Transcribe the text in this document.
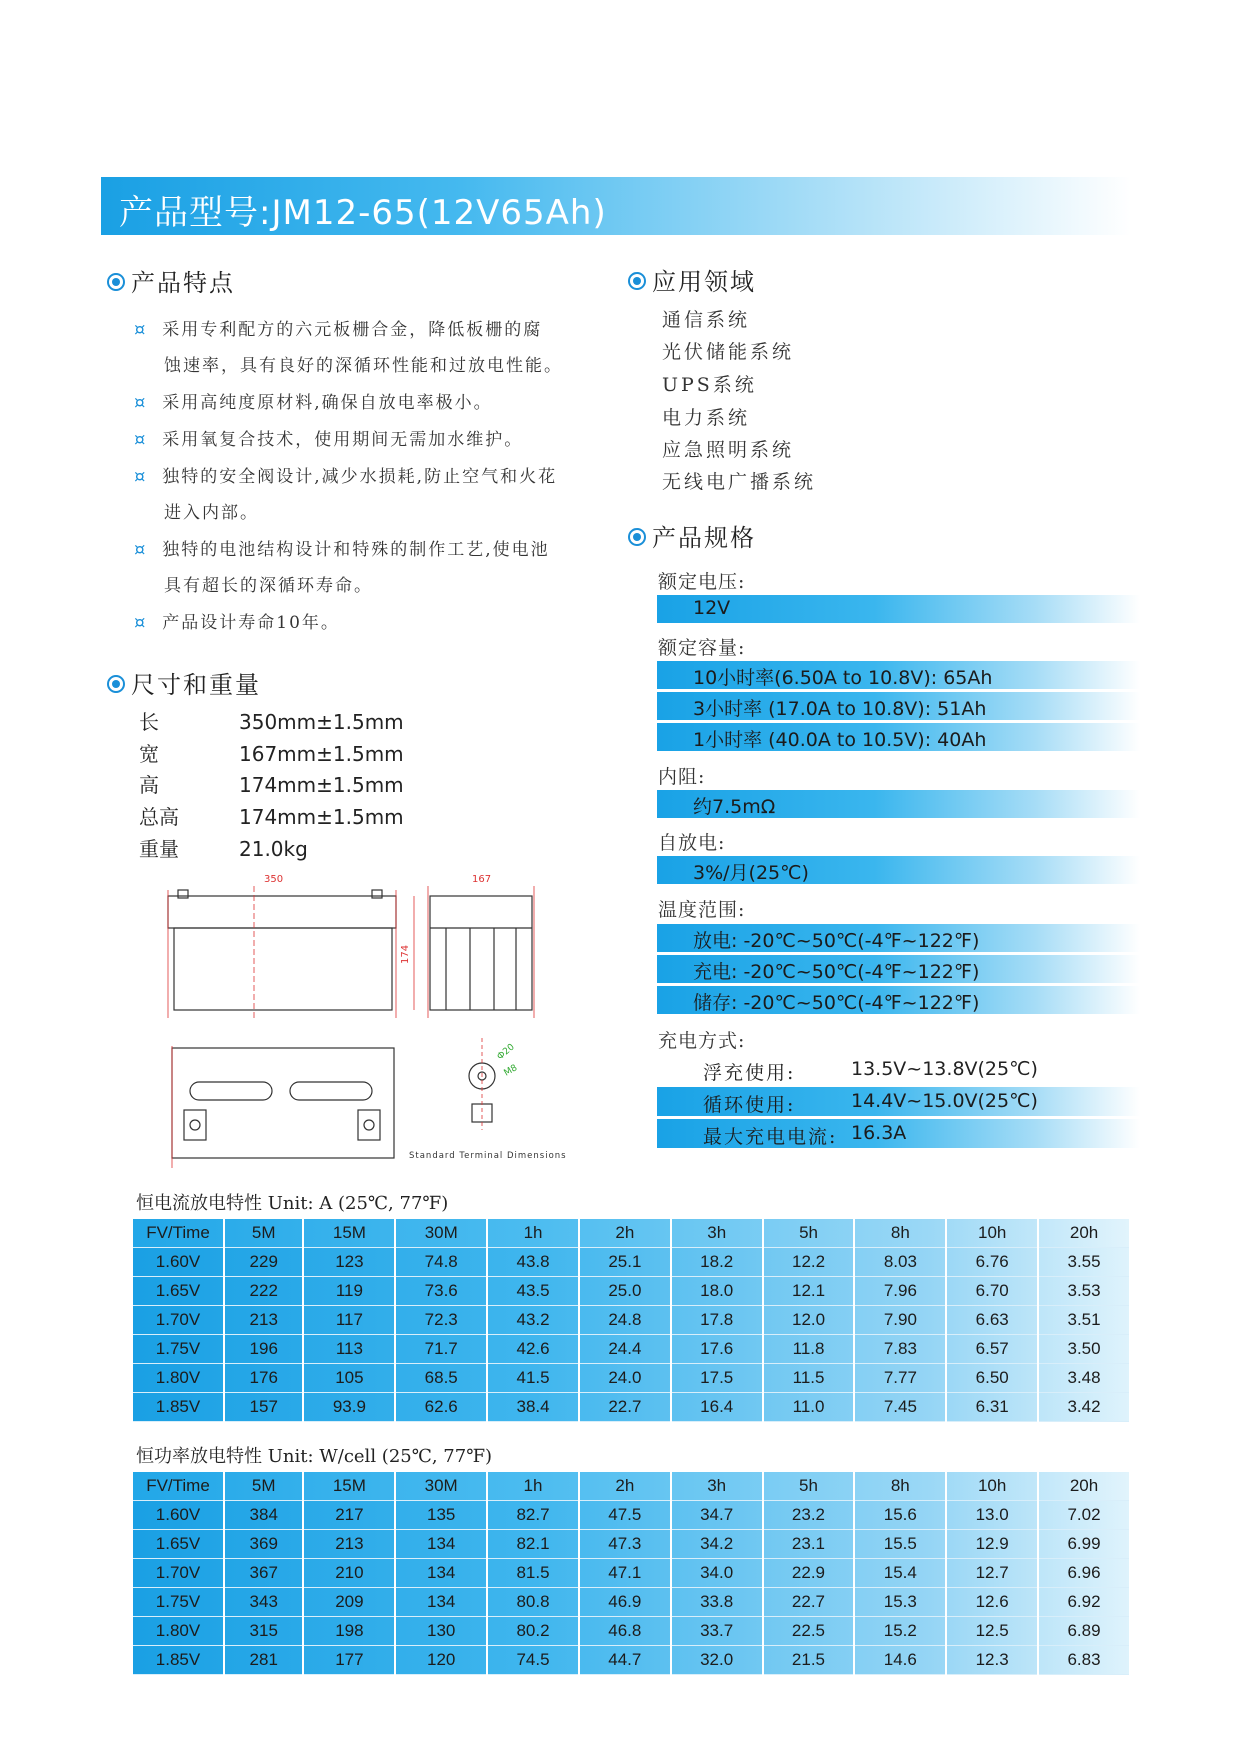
产品型号:JM12-65(12V65Ah)
产品特点
¤ 采用专利配方的六元板栅合金，降低板栅的腐
蚀速率，具有良好的深循环性能和过放电性能。
¤ 采用高纯度原材料,确保自放电率极小。
¤ 采用氧复合技术，使用期间无需加水维护。
¤ 独特的安全阀设计,减少水损耗,防止空气和火花
进入内部。
¤ 独特的电池结构设计和特殊的制作工艺,使电池
具有超长的深循环寿命。
¤ 产品设计寿命10年。
尺寸和重量
长	350mm±1.5mm
宽	167mm±1.5mm
高	174mm±1.5mm
总高	174mm±1.5mm
重量	21.0kg
350	167
174
Ф20
M8
Standard Terminal Dimensions
应用领域
通信系统
光伏储能系统
UPS系统
电力系统
应急照明系统
无线电广播系统
产品规格
额定电压:
12V
额定容量:
10小时率(6.50A to 10.8V): 65Ah
3小时率 (17.0A to 10.8V): 51Ah
1小时率 (40.0A to 10.5V): 40Ah
内阻:
约7.5mΩ
自放电:
3%/月(25℃)
温度范围:
放电: -20℃~50℃(-4℉~122℉)
充电: -20℃~50℃(-4℉~122℉)
储存: -20℃~50℃(-4℉~122℉)
充电方式:
浮充使用:	13.5V~13.8V(25℃)
循环使用:	14.4V~15.0V(25℃)
最大充电电流: 16.3A
恒电流放电特性 Unit: A (25℃, 77℉)
FV/Time	5M	15M	30M	1h	2h	3h	5h	8h	10h	20h
1.60V	229	123	74.8	43.8	25.1	18.2	12.2	8.03	6.76	3.55
1.65V	222	119	73.6	43.5	25.0	18.0	12.1	7.96	6.70	3.53
1.70V	213	117	72.3	43.2	24.8	17.8	12.0	7.90	6.63	3.51
1.75V	196	113	71.7	42.6	24.4	17.6	11.8	7.83	6.57	3.50
1.80V	176	105	68.5	41.5	24.0	17.5	11.5	7.77	6.50	3.48
1.85V	157	93.9	62.6	38.4	22.7	16.4	11.0	7.45	6.31	3.42
恒功率放电特性 Unit: W/cell (25℃, 77℉)
FV/Time	5M	15M	30M	1h	2h	3h	5h	8h	10h	20h
1.60V	384	217	135	82.7	47.5	34.7	23.2	15.6	13.0	7.02
1.65V	369	213	134	82.1	47.3	34.2	23.1	15.5	12.9	6.99
1.70V	367	210	134	81.5	47.1	34.0	22.9	15.4	12.7	6.96
1.75V	343	209	134	80.8	46.9	33.8	22.7	15.3	12.6	6.92
1.80V	315	198	130	80.2	46.8	33.7	22.5	15.2	12.5	6.89
1.85V	281	177	120	74.5	44.7	32.0	21.5	14.6	12.3	6.83
